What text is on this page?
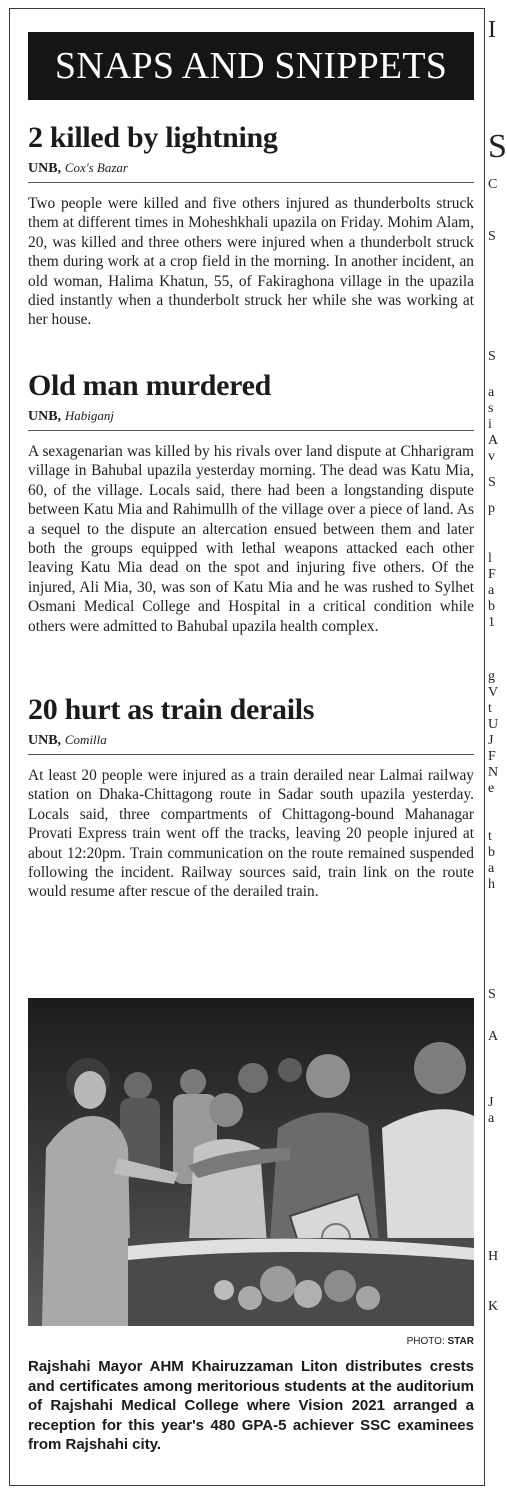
SNAPS AND SNIPPETS
2 killed by lightning
UNB, Cox's Bazar
Two people were killed and five others injured as thunderbolts struck them at different times in Moheshkhali upazila on Friday. Mohim Alam, 20, was killed and three others were injured when a thunderbolt struck them during work at a crop field in the morning. In another incident, an old woman, Halima Khatun, 55, of Fakiraghona village in the upazila died instantly when a thunderbolt struck her while she was working at her house.
Old man murdered
UNB, Habiganj
A sexagenarian was killed by his rivals over land dispute at Chharigram village in Bahubal upazila yesterday morning. The dead was Katu Mia, 60, of the village. Locals said, there had been a longstanding dispute between Katu Mia and Rahimullh of the village over a piece of land. As a sequel to the dispute an altercation ensued between them and later both the groups equipped with lethal weapons attacked each other leaving Katu Mia dead on the spot and injuring five others. Of the injured, Ali Mia, 30, was son of Katu Mia and he was rushed to Sylhet Osmani Medical College and Hospital in a critical condition while others were admitted to Bahubal upazila health complex.
20 hurt as train derails
UNB, Comilla
At least 20 people were injured as a train derailed near Lalmai railway station on Dhaka-Chittagong route in Sadar south upazila yesterday. Locals said, three compartments of Chittagong-bound Mahanagar Provati Express train went off the tracks, leaving 20 people injured at about 12:20pm. Train communication on the route remained suspended following the incident. Railway sources said, train link on the route would resume after rescue of the derailed train.
PHOTO: STAR
Rajshahi Mayor AHM Khairuzzaman Liton distributes crests and certificates among meritorious students at the auditorium of Rajshahi Medical College where Vision 2021 arranged a reception for this year's 480 GPA-5 achiever SSC examinees from Rajshahi city.
I
S
C
S
S
a
s
i
A
v
S
p
l
F
a
b
1
g
V
t
U
J
F
N
e
t
b
a
h
S
A
J
a
H
K
